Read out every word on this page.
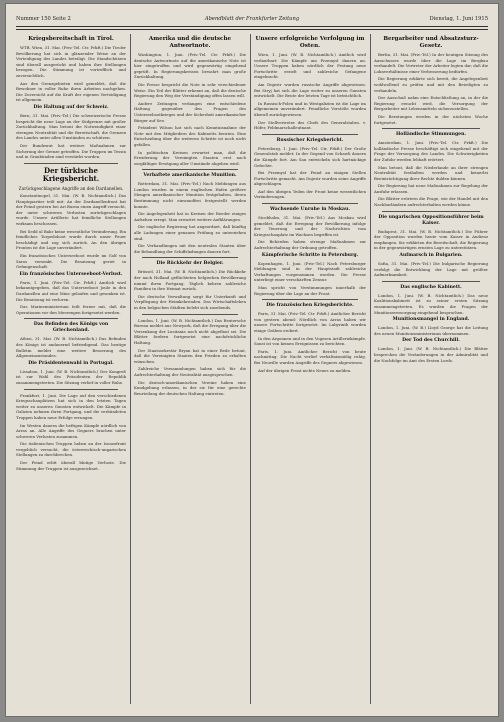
Nummer 150 Seite 2	Abendblatt der Frankfurter Zeitung	Dienstag, 1. Juni 1915
Kriegsbereitschaft in Tirol.

WTB. Wien, 31. Mai. (Priv.-Tel. Ctr. Frkft.) Die Tiroler Bevölkerung hat sich in glänzender Weise an der Verteidigung des Landes beteiligt. Die Standschützen sind überall ausgerückt und haben ihre Stellungen bezogen. Die Stimmung ist vortrefflich und zuversichtlich.

Aus den Grenzgebieten wird gemeldet, daß die Bewohner in voller Ruhe ihren Arbeiten nachgehen. Die Zuversicht auf die Kraft der eigenen Verteidigung ist allgemein.

Die Haltung auf der Schweiz.

Bern, 31. Mai. (Priv.-Tel.) Die schweizerische Presse bespricht die neue Lage an der Südgrenze mit großer Zurückhaltung. Man betont die Notwendigkeit einer strengen Neutralität und die Bereitschaft, die Grenzen des Landes unter allen Umständen zu schützen.

Der Bundesrat hat weitere Maßnahmen zur Sicherung der Grenze getroffen. Die Truppen im Tessin und in Graubünden sind verstärkt worden.

Der türkische Kriegsbericht.
Zurückgeschlagene Angriffe an den Dardanellen.

Konstantinopel, 31. Mai. (W. B. Nichtamtlich.) Das Hauptquartier teilt mit: An der Dardanellenfront hat der Feind gestern bei Ari Burnu einen Angriff versucht, der unter schweren Verlusten zurückgeschlagen wurde. Unsere Artillerie hat feindliche Stellungen wirksam beschossen.

Bei Sedd ul Bahr keine wesentliche Veränderung. Ein feindliches Torpedoboot wurde durch unser Feuer beschädigt und zog sich zurück. An den übrigen Fronten ist die Lage unverändert.

Ein französisches Unterseeboot wurde im Golf von Saros versenkt. Die Besatzung geriet in Gefangenschaft.

Ein französisches Unterseeboot-Verlust.

Paris, 1. Juni. (Priv.-Tel. Ctr. Frkft.) Amtlich wird bekanntgegeben, daß das Unterseeboot Joule in den Dardanellen auf eine Mine gelaufen und gesunken ist. Die Besatzung ist verloren.

Das Marineministerium teilt ferner mit, daß die Operationen vor den Meerengen fortgesetzt werden.

Das Befinden des Königs von Griechenland.

Athen, 31. Mai. (W. B. Nichtamtlich.) Das Befinden des Königs ist andauernd befriedigend. Das heutige Bulletin meldet eine weitere Besserung des Allgemeinzustandes.

Die Präsidentenwahl in Portugal.

Lissabon, 1. Juni. (W. B. Nichtamtlich.) Der Kongreß ist zur Wahl des Präsidenten der Republik zusammengetreten. Die Sitzung verlief in voller Ruhe.

Frankfurt, 1. Juni. Die Lage auf den verschiedenen Kriegsschauplätzen hat sich in den letzten Tagen weiter zu unseren Gunsten entwickelt. Die Kämpfe in Galizien nehmen ihren Fortgang, und die verbündeten Truppen haben neue Erfolge errungen.

Im Westen dauern die heftigen Kämpfe nördlich von Arras an. Alle Angriffe des Gegners brachen unter schweren Verlusten zusammen.

Die italienischen Truppen haben an der Isonzofront vergeblich versucht, die österreichisch-ungarischen Stellungen zu durchbrechen.

Der Feind erlitt überall blutige Verluste. Die Stimmung der Truppen ist ausgezeichnet.

Amerika und die deutsche Antwortnote.

Washington, 1. Juni. (Priv.-Tel. Ctr. Frkft.) Die deutsche Antwortnote auf die amerikanische Note ist hier eingetroffen und wird gegenwärtig eingehend geprüft. In Regierungskreisen bewahrt man große Zurückhaltung.

Die Presse bespricht die Note in sehr verschiedener Weise. Ein Teil der Blätter erkennt an, daß die deutsche Regierung den Weg der Verständigung offen lassen will.

Andere Zeitungen verlangen eine entschiedene Haltung gegenüber den Fragen des Unterseebootkrieges und der Sicherheit amerikanischer Bürger auf See.

Präsident Wilson hat sich nach Kenntnisnahme der Note mit den Mitgliedern des Kabinetts beraten. Eine Entscheidung über die weiteren Schritte ist noch nicht gefallen.

In politischen Kreisen erwartet man, daß die Erwiderung der Vereinigten Staaten erst nach sorgfältiger Erwägung aller Umstände abgehen wird.

Verhaftete amerikanische Munition.

Rotterdam, 31. Mai. (Priv.-Tel.) Nach Meldungen aus London wurden in einem englischen Hafen größere Mengen amerikanischer Munition festgehalten, deren Bestimmung nicht einwandfrei festgestellt werden konnte.

Die Angelegenheit hat in Kreisen der Reeder einiges Aufsehen erregt. Man erwartet weitere Aufklärungen.

Die englische Regierung hat angeordnet, daß künftig alle Ladungen einer genauen Prüfung zu unterziehen sind.

Die Verhandlungen mit den neutralen Staaten über die Behandlung der Schiffsladungen dauern fort.

Die Rückkehr der Belgier.

Brüssel, 31. Mai. (W. B. Nichtamtlich.) Die Rückkehr der nach Holland geflüchteten belgischen Bevölkerung nimmt ihren Fortgang. Täglich kehren zahlreiche Familien in ihre Heimat zurück.

Die deutsche Verwaltung sorgt für Unterkunft und Verpflegung der Heimkehrenden. Das Wirtschaftsleben in den belgischen Städten belebt sich zusehends.

London, 1. Juni. (W. B. Nichtamtlich.) Das Reutersche Bureau meldet aus Newyork, daß die Erregung über die Versenkung der Lusitania noch nicht abgeflaut sei. Die Blätter fordern fortgesetzt eine nachdrückliche Haltung.

Der Staatssekretär Bryan hat in einer Rede betont, daß die Vereinigten Staaten den Frieden zu erhalten wünschen.

Zahlreiche Versammlungen haben sich für die Aufrechterhaltung der Neutralität ausgesprochen.

Die deutsch-amerikanischen Vereine haben eine Kundgebung erlassen, in der sie für eine gerechte Beurteilung der deutschen Haltung eintreten.

Unsere erfolgreiche Verfolgung im Osten.

Wien, 1. Juni. (W. B. Nichtamtlich.) Amtlich wird verlautbart: Die Kämpfe um Przemysl dauern an. Unsere Truppen haben nördlich der Festung neue Fortschritte erzielt und zahlreiche Gefangene eingebracht.

Am Dnjestr wurden russische Angriffe abgewiesen. Bei Stryj hat sich die Lage weiter zu unseren Gunsten entwickelt. Die Beute der letzten Tage ist beträchtlich.

In Russisch-Polen und in Westgalizien ist die Lage im allgemeinen unverändert. Feindliche Vorstöße wurden überall zurückgewiesen.

Der Stellvertreter des Chefs des Generalstabes. v. Höfer, Feldmarschalleutnant.

Russischer Kriegsbericht.

Petersburg, 1. Juni. (Priv.-Tel. Ctr. Frkft.) Der Große Generalstab meldet: In der Gegend von Schawli dauern die Kämpfe fort. Am San entwickeln sich hartnäckige Gefechte.

Bei Przemysl hat der Feind an einigen Stellen Fortschritte gemacht. Am Dnjestr wurden seine Angriffe abgeschlagen.

Auf den übrigen Teilen der Front keine wesentlichen Veränderungen.

Wachsende Unruhe in Moskau.

Stockholm, 31. Mai. (Priv.-Tel.) Aus Moskau wird gemeldet, daß die Erregung der Bevölkerung infolge der Teuerung und der Nachrichten vom Kriegsschauplatz im Wachsen begriffen ist.

Die Behörden haben strenge Maßnahmen zur Aufrechterhaltung der Ordnung getroffen.

Kämpferische Schritte in Petersburg.

Kopenhagen, 1. Juni. (Priv.-Tel.) Nach Petersburger Meldungen sind in der Hauptstadt zahlreiche Verhaftungen vorgenommen worden. Die Presse unterliegt einer verschärften Zensur.

Man spricht von Verstimmungen innerhalb der Regierung über die Lage an der Front.

Die französischen Kriegsberichte.

Paris, 31. Mai. (Priv.-Tel. Ctr. Frkft.) Amtlicher Bericht von gestern abend: Nördlich von Arras haben wir unsere Fortschritte fortgesetzt. Im Labyrinth wurden einige Gräben erobert.

In den Argonnen und in den Vogesen Artilleriekämpfe. Sonst ist von keinen Ereignissen zu berichten.

Paris, 1. Juni. Amtlicher Bericht von heute nachmittag: Die Nacht verlief verhältnismäßig ruhig. Bei Neuville wurden Angriffe des Gegners abgewiesen.

Auf der übrigen Front nichts Neues zu melden.

Bergarbeiter und Absatzsturz-Gesetz.

Berlin, 31. Mai. (Priv.-Tel.) In der heutigen Sitzung des Ausschusses wurde über die Lage im Bergbau verhandelt. Die Vertreter der Arbeiter legten dar, daß die Lohnverhältnisse einer Verbesserung bedürfen.

Die Regierung erklärte sich bereit, die Angelegenheit wohlwollend zu prüfen und mit den Beteiligten zu verhandeln.

Der Ausschuß nahm eine Entschließung an, in der die Regierung ersucht wird, die Versorgung der Bergarbeiter mit Lebensmitteln sicherzustellen.

Die Beratungen werden in der nächsten Woche fortgesetzt.

Holländische Stimmungen.

Amsterdam, 1. Juni. (Priv.-Tel. Ctr. Frkft.) Die holländische Presse beschäftigt sich eingehend mit der Frage der Versorgung des Landes. Die Schwierigkeiten der Zufuhr werden lebhaft erörtert.

Man betont, daß die Niederlande an ihrer strengen Neutralität festhalten werden und keinerlei Beeinträchtigung ihrer Rechte dulden können.

Die Regierung hat neue Maßnahmen zur Regelung der Ausfuhr erlassen.

Die Blätter erörtern die Frage, wie der Handel mit den Nachbarländern aufrechterhalten werden könne.

Die ungarischen Oppositionsführer beim Kaiser.

Budapest, 31. Mai. (W. B. Nichtamtlich.) Die Führer der Opposition wurden heute vom Kaiser in Audienz empfangen. Sie erklärten die Bereitschaft, die Regierung in der gegenwärtigen ernsten Lage zu unterstützen.

Aufmarsch in Bulgarien.

Sofia, 31. Mai. (Priv.-Tel.) Die bulgarische Regierung verfolgt die Entwicklung der Lage mit größter Aufmerksamkeit.

Das englische Kabinett.

London, 1. Juni. (W. B. Nichtamtlich.) Das neue Koalitionskabinett ist zu seiner ersten Sitzung zusammengetreten. Es wurden die Fragen der Munitionsversorgung eingehend besprochen.

Munitionsmangel in England.

London, 1. Juni. (W. B.) Lloyd George hat die Leitung des neuen Munitionsministeriums übernommen.

Der Tod des Churchill.

London, 1. Juni. (W. B. Nichtamtlich.) Die Blätter besprechen die Veränderungen in der Admiralität und die Nachfolge im Amt des Ersten Lords.
